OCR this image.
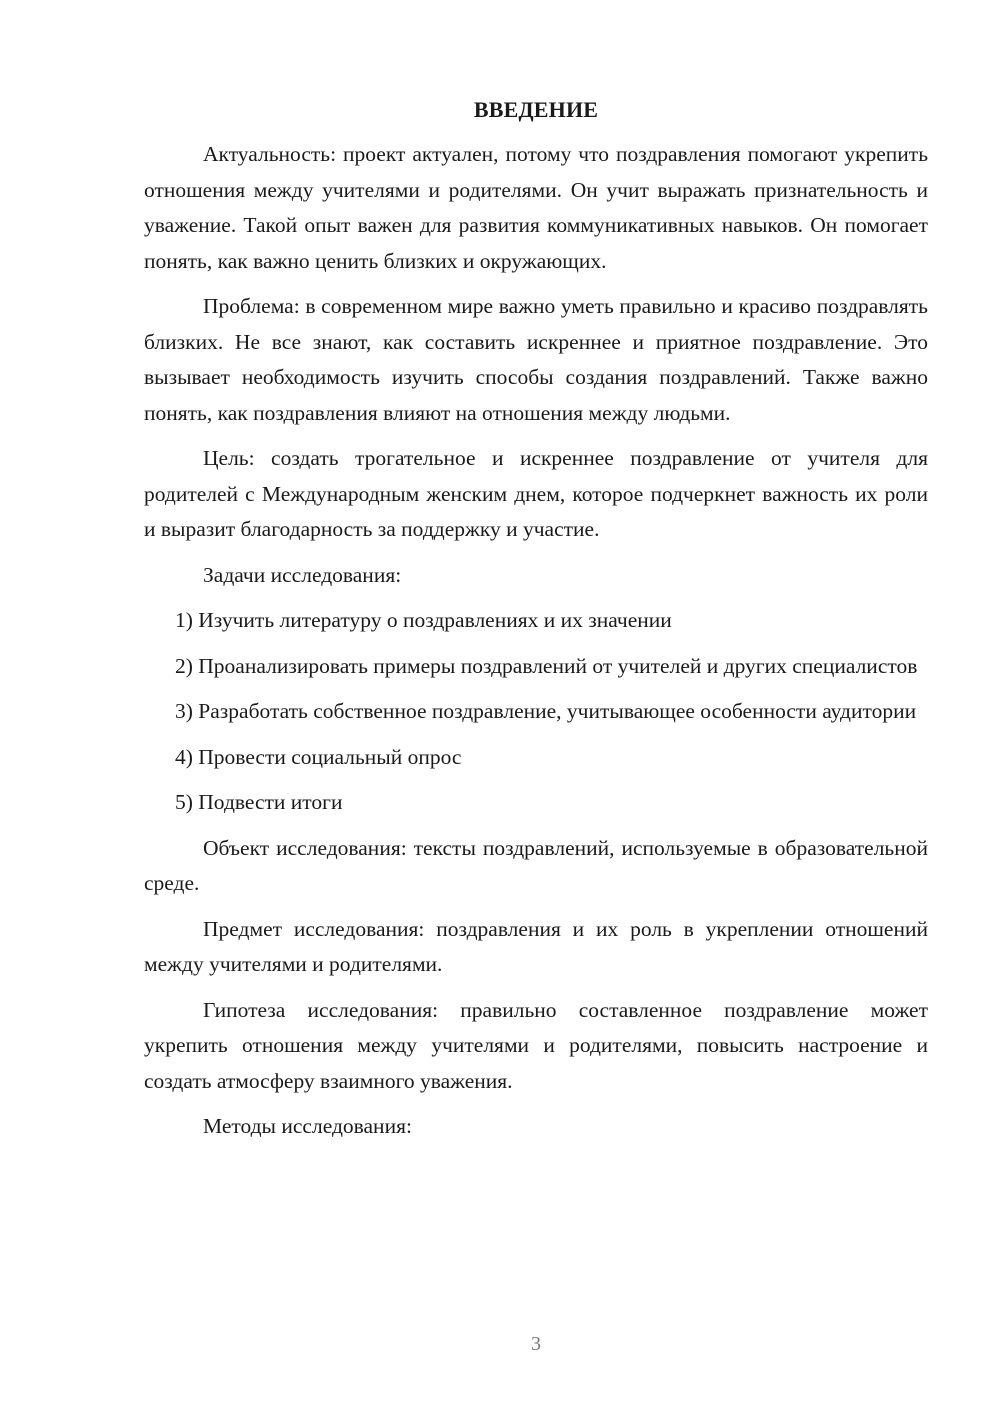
ВВЕДЕНИЕ

Актуальность: проект актуален, потому что поздравления помогают укрепить отношения между учителями и родителями. Он учит выражать признательность и уважение. Такой опыт важен для развития коммуникативных навыков. Он помогает понять, как важно ценить близких и окружающих.

Проблема: в современном мире важно уметь правильно и красиво поздравлять близких. Не все знают, как составить искреннее и приятное поздравление. Это вызывает необходимость изучить способы создания поздравлений. Также важно понять, как поздравления влияют на отношения между людьми.

Цель: создать трогательное и искреннее поздравление от учителя для родителей с Международным женским днем, которое подчеркнет важность их роли и выразит благодарность за поддержку и участие.

Задачи исследования:

1) Изучить литературу о поздравлениях и их значении

2) Проанализировать примеры поздравлений от учителей и других специалистов

3) Разработать собственное поздравление, учитывающее особенности аудитории

4) Провести социальный опрос

5) Подвести итоги

Объект исследования: тексты поздравлений, используемые в образовательной среде.

Предмет исследования: поздравления и их роль в укреплении отношений между учителями и родителями.

Гипотеза исследования: правильно составленное поздравление может укрепить отношения между учителями и родителями, повысить настроение и создать атмосферу взаимного уважения.

Методы исследования:

3
